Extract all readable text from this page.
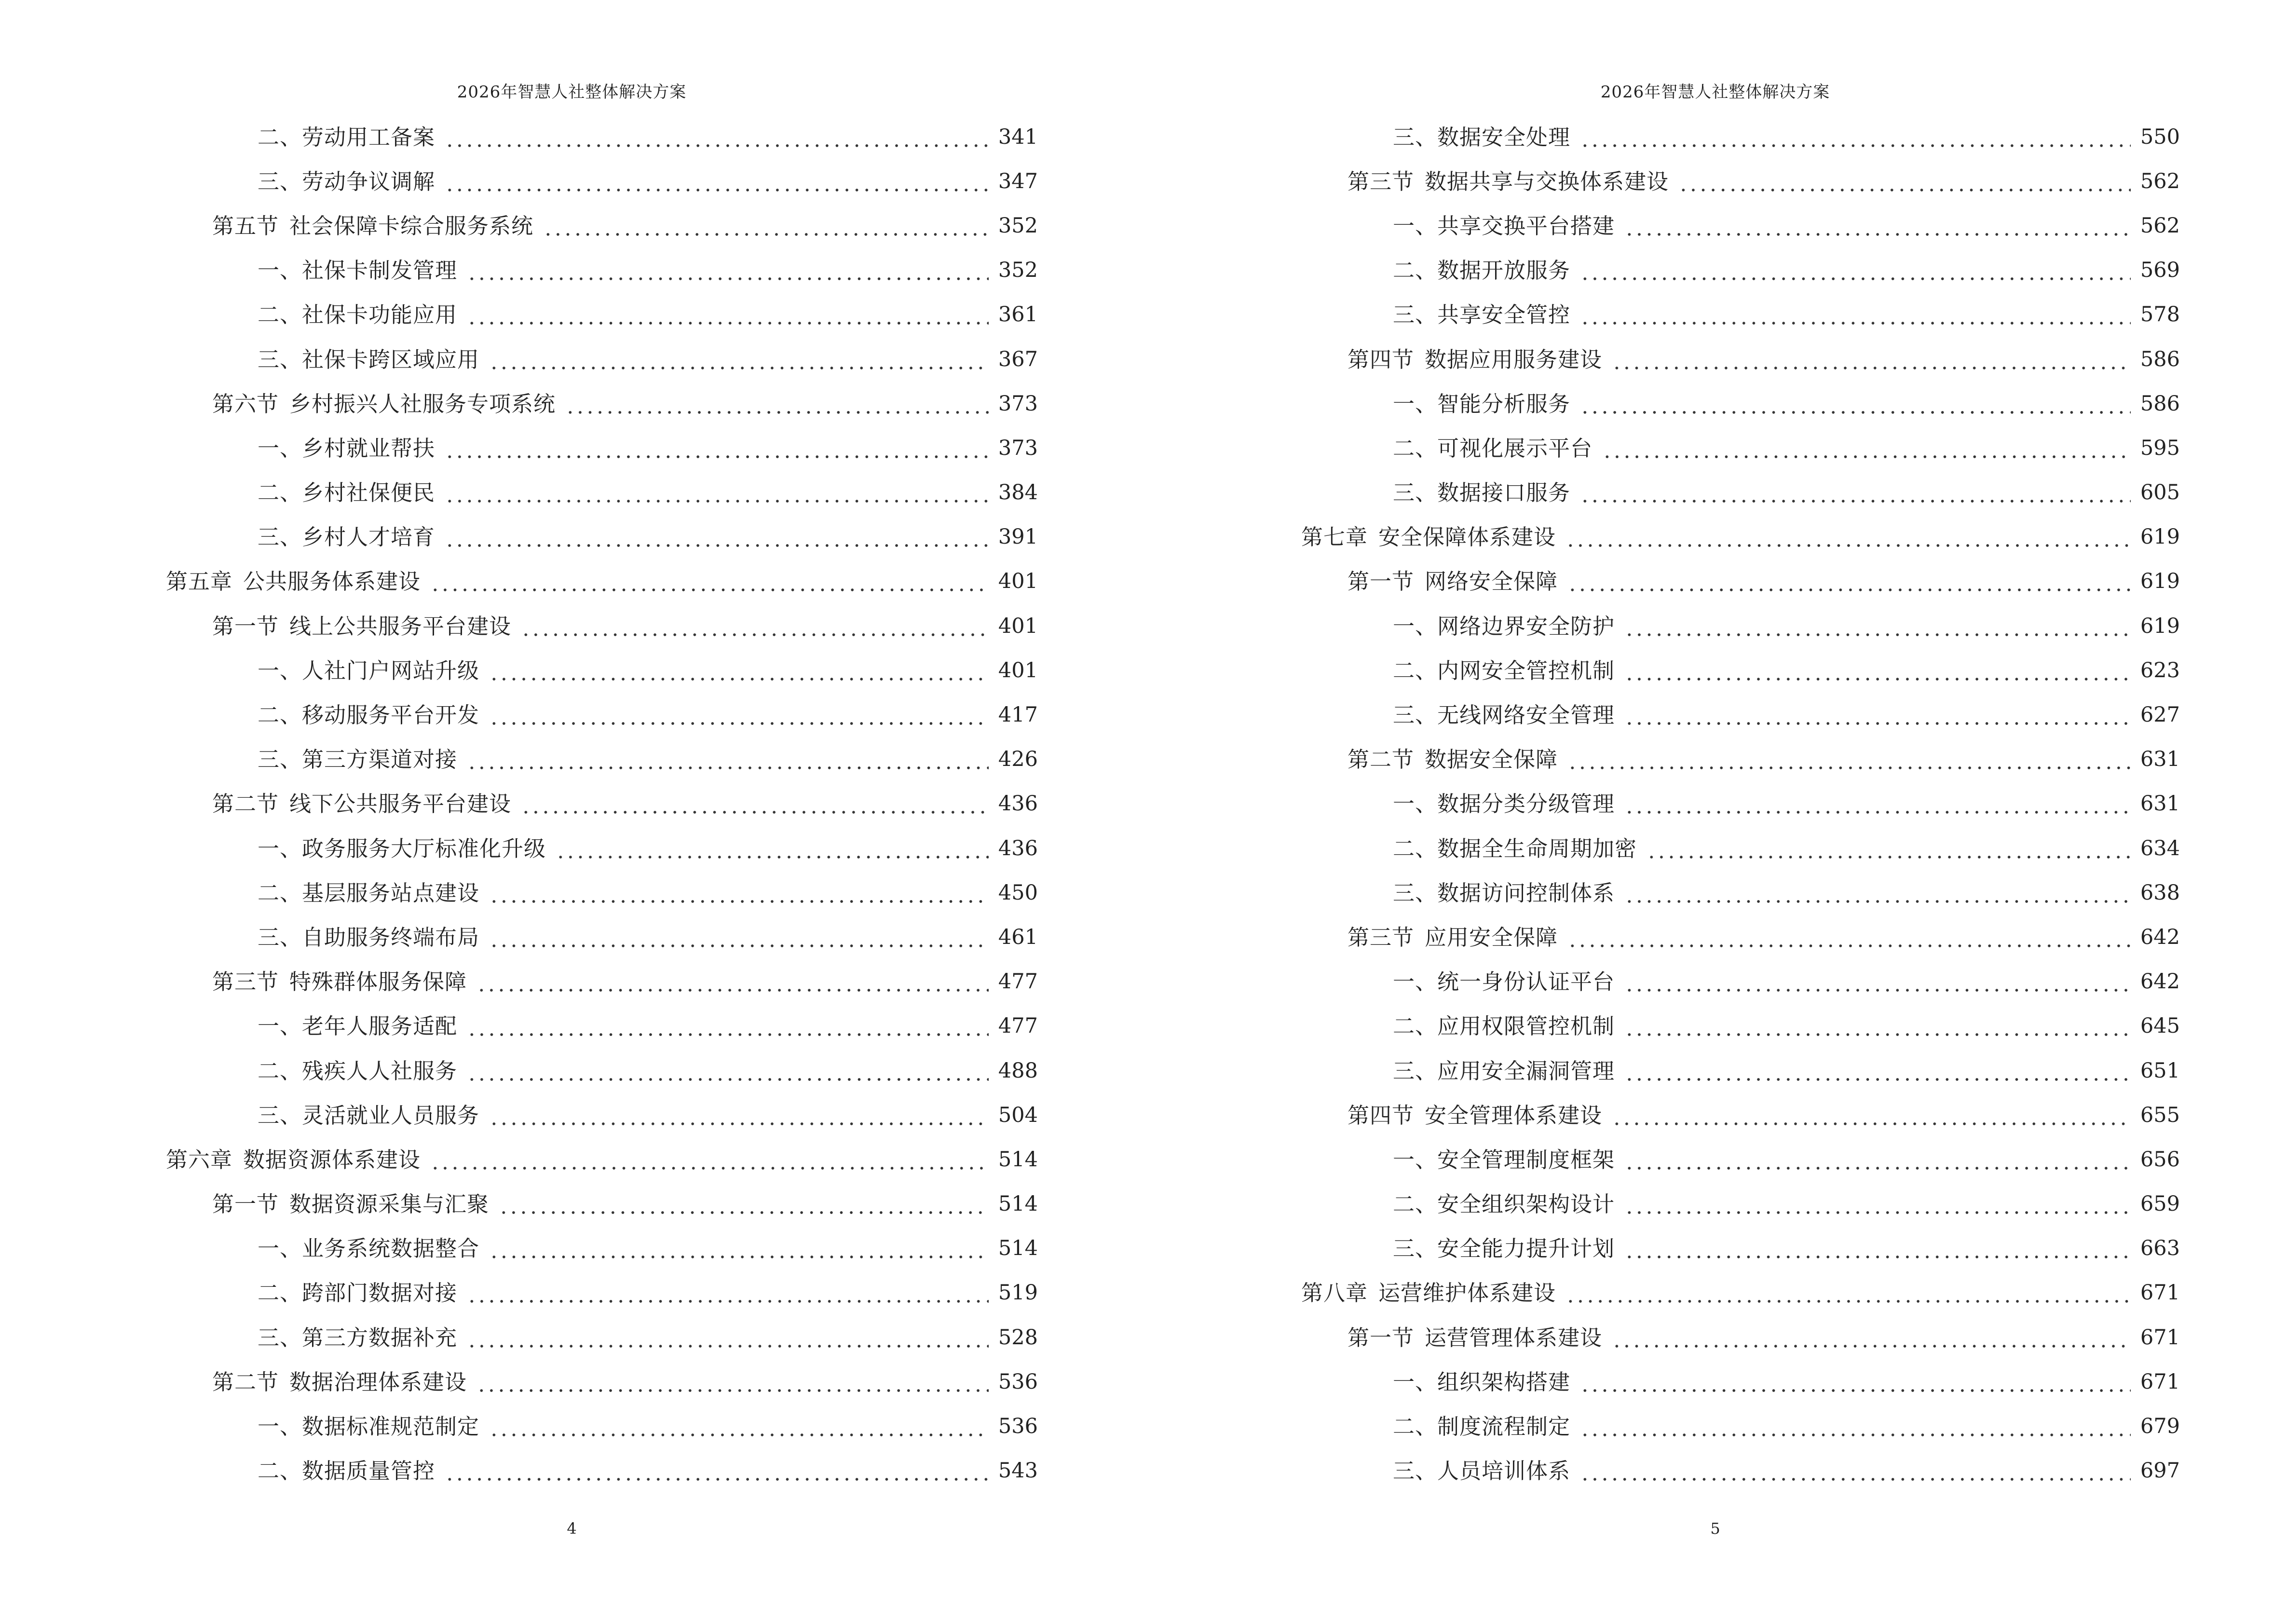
2026年智慧人社整体解决方案
二、劳动用工备案	341
三、劳动争议调解	347
第五节 社会保障卡综合服务系统	352
一、社保卡制发管理	352
二、社保卡功能应用	361
三、社保卡跨区域应用	367
第六节 乡村振兴人社服务专项系统	373
一、乡村就业帮扶	373
二、乡村社保便民	384
三、乡村人才培育	391
第五章 公共服务体系建设	401
第一节 线上公共服务平台建设	401
一、人社门户网站升级	401
二、移动服务平台开发	417
三、第三方渠道对接	426
第二节 线下公共服务平台建设	436
一、政务服务大厅标准化升级	436
二、基层服务站点建设	450
三、自助服务终端布局	461
第三节 特殊群体服务保障	477
一、老年人服务适配	477
二、残疾人人社服务	488
三、灵活就业人员服务	504
第六章 数据资源体系建设	514
第一节 数据资源采集与汇聚	514
一、业务系统数据整合	514
二、跨部门数据对接	519
三、第三方数据补充	528
第二节 数据治理体系建设	536
一、数据标准规范制定	536
二、数据质量管控	543
4
2026年智慧人社整体解决方案
三、数据安全处理	550
第三节 数据共享与交换体系建设	562
一、共享交换平台搭建	562
二、数据开放服务	569
三、共享安全管控	578
第四节 数据应用服务建设	586
一、智能分析服务	586
二、可视化展示平台	595
三、数据接口服务	605
第七章 安全保障体系建设	619
第一节 网络安全保障	619
一、网络边界安全防护	619
二、内网安全管控机制	623
三、无线网络安全管理	627
第二节 数据安全保障	631
一、数据分类分级管理	631
二、数据全生命周期加密	634
三、数据访问控制体系	638
第三节 应用安全保障	642
一、统一身份认证平台	642
二、应用权限管控机制	645
三、应用安全漏洞管理	651
第四节 安全管理体系建设	655
一、安全管理制度框架	656
二、安全组织架构设计	659
三、安全能力提升计划	663
第八章 运营维护体系建设	671
第一节 运营管理体系建设	671
一、组织架构搭建	671
二、制度流程制定	679
三、人员培训体系	697
5
